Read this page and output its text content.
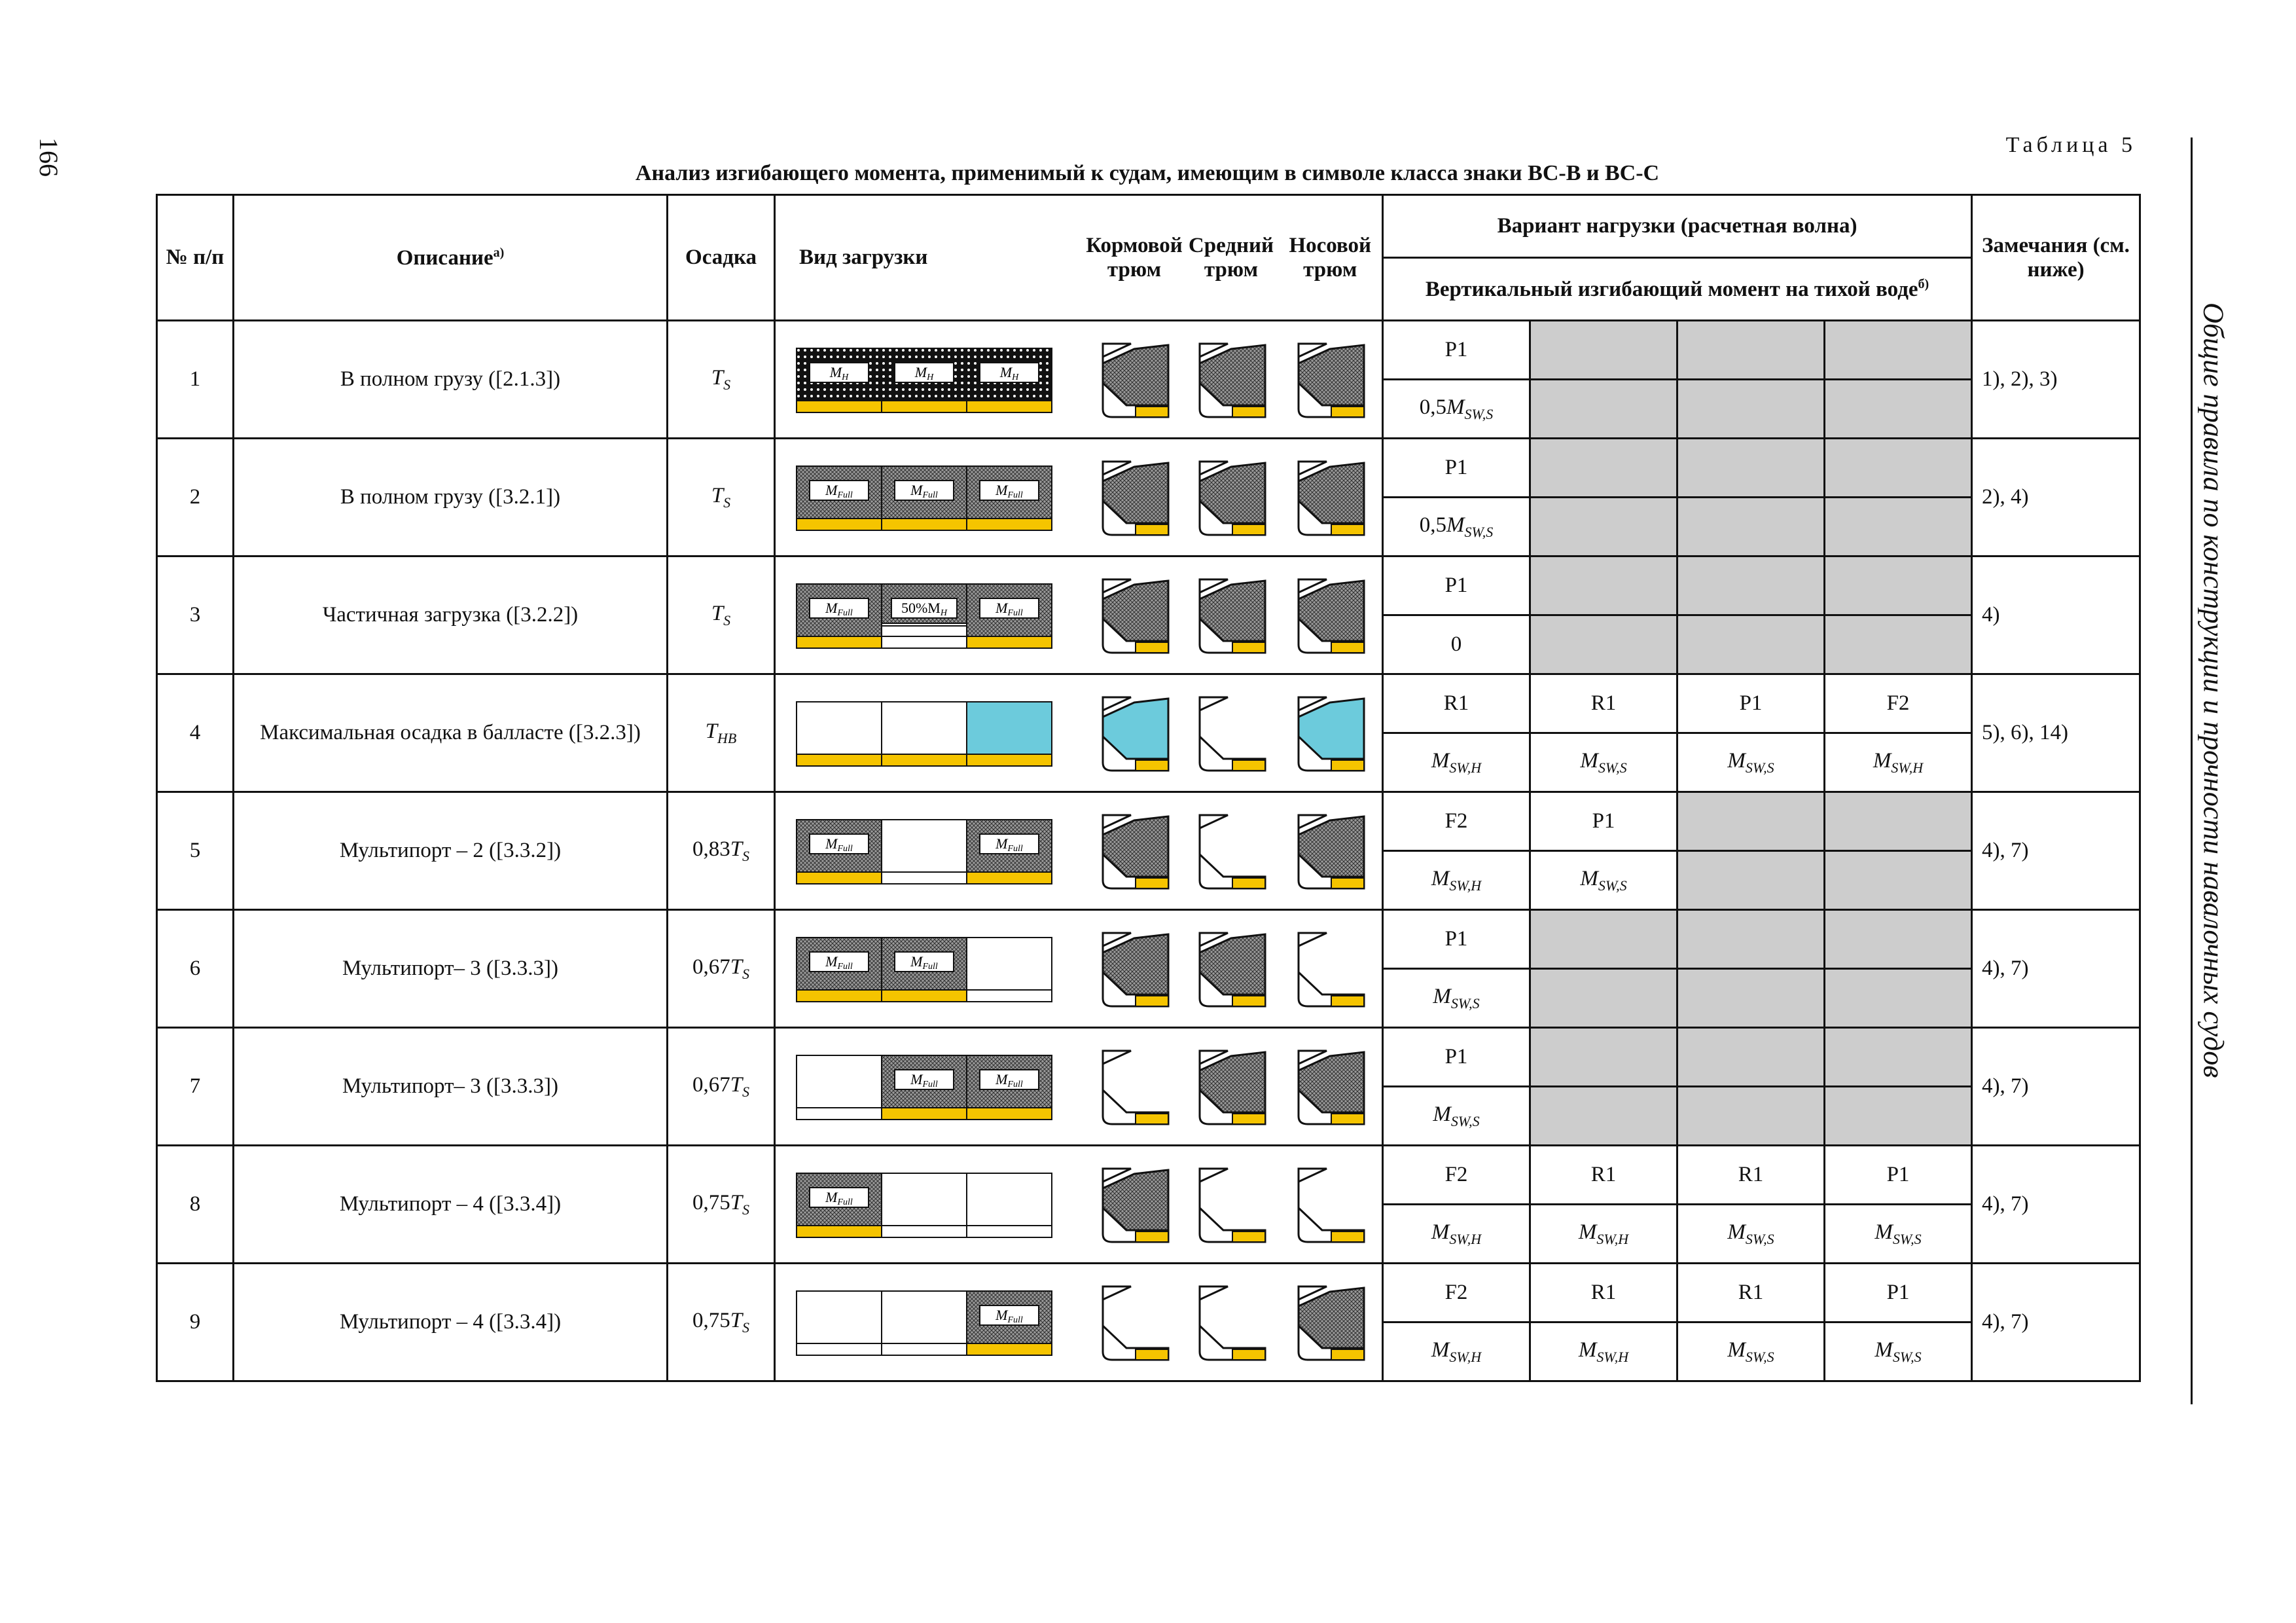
166	Таблица 5
Анализ изгибающего момента, применимый к судам, имеющим в символе класса знаки BC-B и BC-C
Общие правила по конструкции и прочности навалочных судов
№ п/п	Описание$^{а)}$	Осадка	Вид загрузки	Кормовой трюм	Средний трюм	Носовой трюм	Вариант нагрузки (расчетная волна)				Замечания (см. ниже)
							Вертикальный изгибающий момент на тихой воде$^{б)}$
1	В полном грузу ([2.1.3])	$T_S$	MH MH MH				P1				1), 2), 3)
							$0,5M_{SW,S}$			
2	В полном грузу ([3.2.1])	$T_S$	MFull MFull MFull				P1				2), 4)
							$0,5M_{SW,S}$			
3	Частичная загрузка ([3.2.2])	$T_S$	MFull 50%MH MFull				P1				4)
							0				
4	Максимальная осадка в балласте ([3.2.3])	$T_{HB}$					R1	R1	P1	F2	5), 6), 14)
							$M_{SW,H}$	$M_{SW,S}$	$M_{SW,S}$	$M_{SW,H}$
5	Мультипорт – 2 ([3.3.2])	$0,83T_S$	MFull MFull				F2	P1			4), 7)
							$M_{SW,H}$	$M_{SW,S}$		
6	Мультипорт– 3 ([3.3.3])	$0,67T_S$	MFull MFull				P1				4), 7)
							$M_{SW,S}$			
7	Мультипорт– 3 ([3.3.3])	$0,67T_S$	MFull MFull				P1				4), 7)
							$M_{SW,S}$			
8	Мультипорт – 4 ([3.3.4])	$0,75T_S$	MFull				F2	R1	R1	P1	4), 7)
							$M_{SW,H}$	$M_{SW,H}$	$M_{SW,S}$	$M_{SW,S}$
9	Мультипорт – 4 ([3.3.4])	$0,75T_S$	MFull				F2	R1	R1	P1	4), 7)
							$M_{SW,H}$	$M_{SW,H}$	$M_{SW,S}$	$M_{SW,S}$
